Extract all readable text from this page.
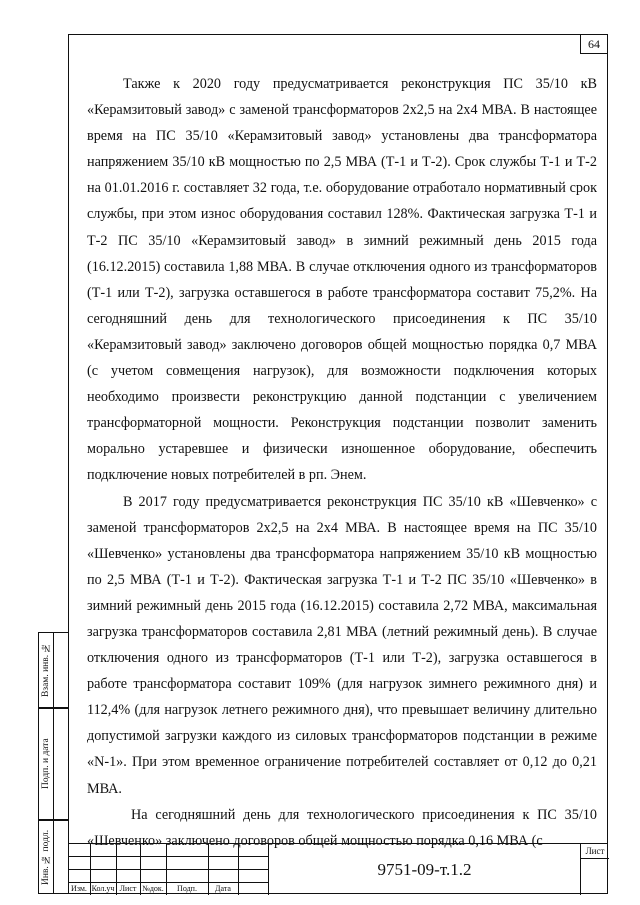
64

Также к 2020 году предусматривается реконструкция ПС 35/10 кВ «Керамзитовый завод» с заменой трансформаторов 2х2,5 на 2х4 МВА. В настоящее время на ПС 35/10 «Керамзитовый завод» установлены два трансформатора напряжением 35/10 кВ мощностью по 2,5 МВА (Т-1 и Т-2). Срок службы Т-1 и Т-2 на 01.01.2016 г. составляет 32 года, т.е. оборудование отработало нормативный срок службы, при этом износ оборудования составил 128%. Фактическая загрузка Т-1 и Т-2 ПС 35/10 «Керамзитовый завод» в зимний режимный день 2015 года (16.12.2015) составила 1,88 МВА. В случае отключения одного из трансформаторов (Т-1 или Т-2), загрузка оставшегося в работе трансформатора составит 75,2%. На сегодняшний день для технологического присоединения к ПС 35/10 «Керамзитовый завод» заключено договоров общей мощностью порядка 0,7 МВА (с учетом совмещения нагрузок), для возможности подключения которых необходимо произвести реконструкцию данной подстанции с увеличением трансформаторной мощности. Реконструкция подстанции позволит заменить морально устаревшее и физически изношенное оборудование, обеспечить подключение новых потребителей в рп. Энем.

В 2017 году предусматривается реконструкция ПС 35/10 кВ «Шевченко» с заменой трансформаторов 2х2,5 на 2х4 МВА. В настоящее время на ПС 35/10 «Шевченко» установлены два трансформатора напряжением 35/10 кВ мощностью по 2,5 МВА (Т-1 и Т-2). Фактическая загрузка Т-1 и Т-2 ПС 35/10 «Шевченко» в зимний режимный день 2015 года (16.12.2015) составила 2,72 МВА, максимальная загрузка трансформаторов составила 2,81 МВА (летний режимный день). В случае отключения одного из трансформаторов (Т-1 или Т-2), загрузка оставшегося в работе трансформатора составит 109% (для нагрузок зимнего режимного дня) и 112,4% (для нагрузок летнего режимного дня), что превышает величину длительно допустимой загрузки каждого из силовых трансформаторов подстанции в режиме «N-1». При этом временное ограничение потребителей составляет от 0,12 до 0,21 МВА.

На сегодняшний день для технологического присоединения к ПС 35/10 «Шевченко» заключено договоров общей мощностью порядка 0,16 МВА (с

Взам. инв. №
Подп. и дата
Инв. № подл.
Изм. Кол.уч Лист №док.	Подп.	Дата
9751-09-т.1.2
Лист
